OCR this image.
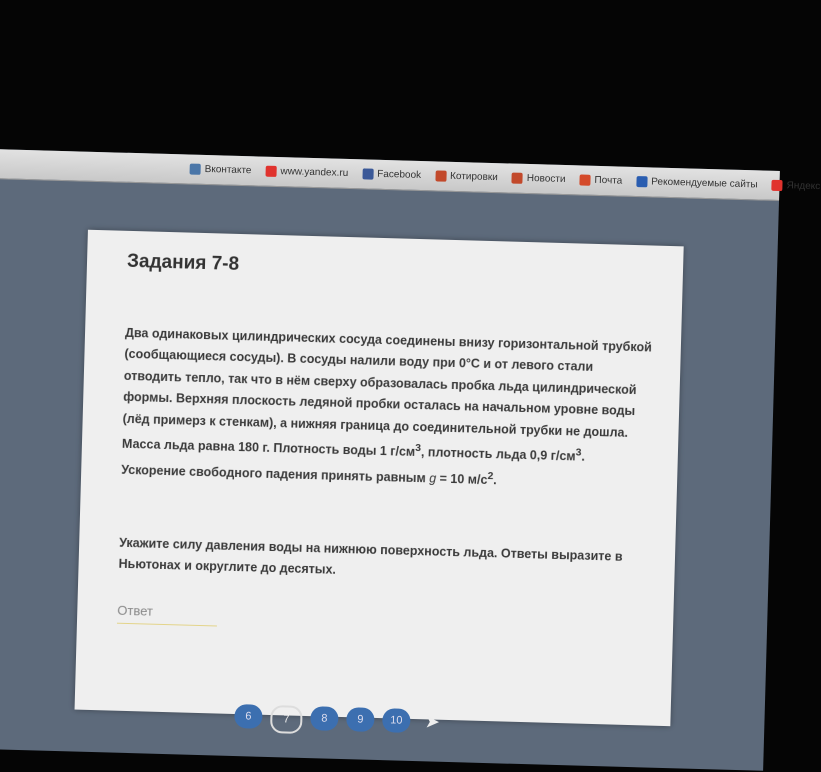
Вконтакте	www.yandex.ru	Facebook	Котировки	Новости	Почта	Рекомендуемые сайты	Яндекс
Задания 7-8
Два одинаковых цилиндрических сосуда соединены внизу горизонтальной трубкой (сообщающиеся сосуды). В сосуды налили воду при 0°С и от левого стали отводить тепло, так что в нём сверху образовалась пробка льда цилиндрической формы. Верхняя плоскость ледяной пробки осталась на начальном уровне воды (лёд примерз к стенкам), а нижняя граница до соединительной трубки не дошла. Масса льда равна 180 г. Плотность воды 1 $г/см^3$, плотность льда 0,9 $г/см^3$. Ускорение свободного падения принять равным g = 10 $м/с^2$.
Укажите силу давления воды на нижнюю поверхность льда. Ответы выразите в Ньютонах и округлите до десятых.
Ответ
6	7	8	9	10	➤
